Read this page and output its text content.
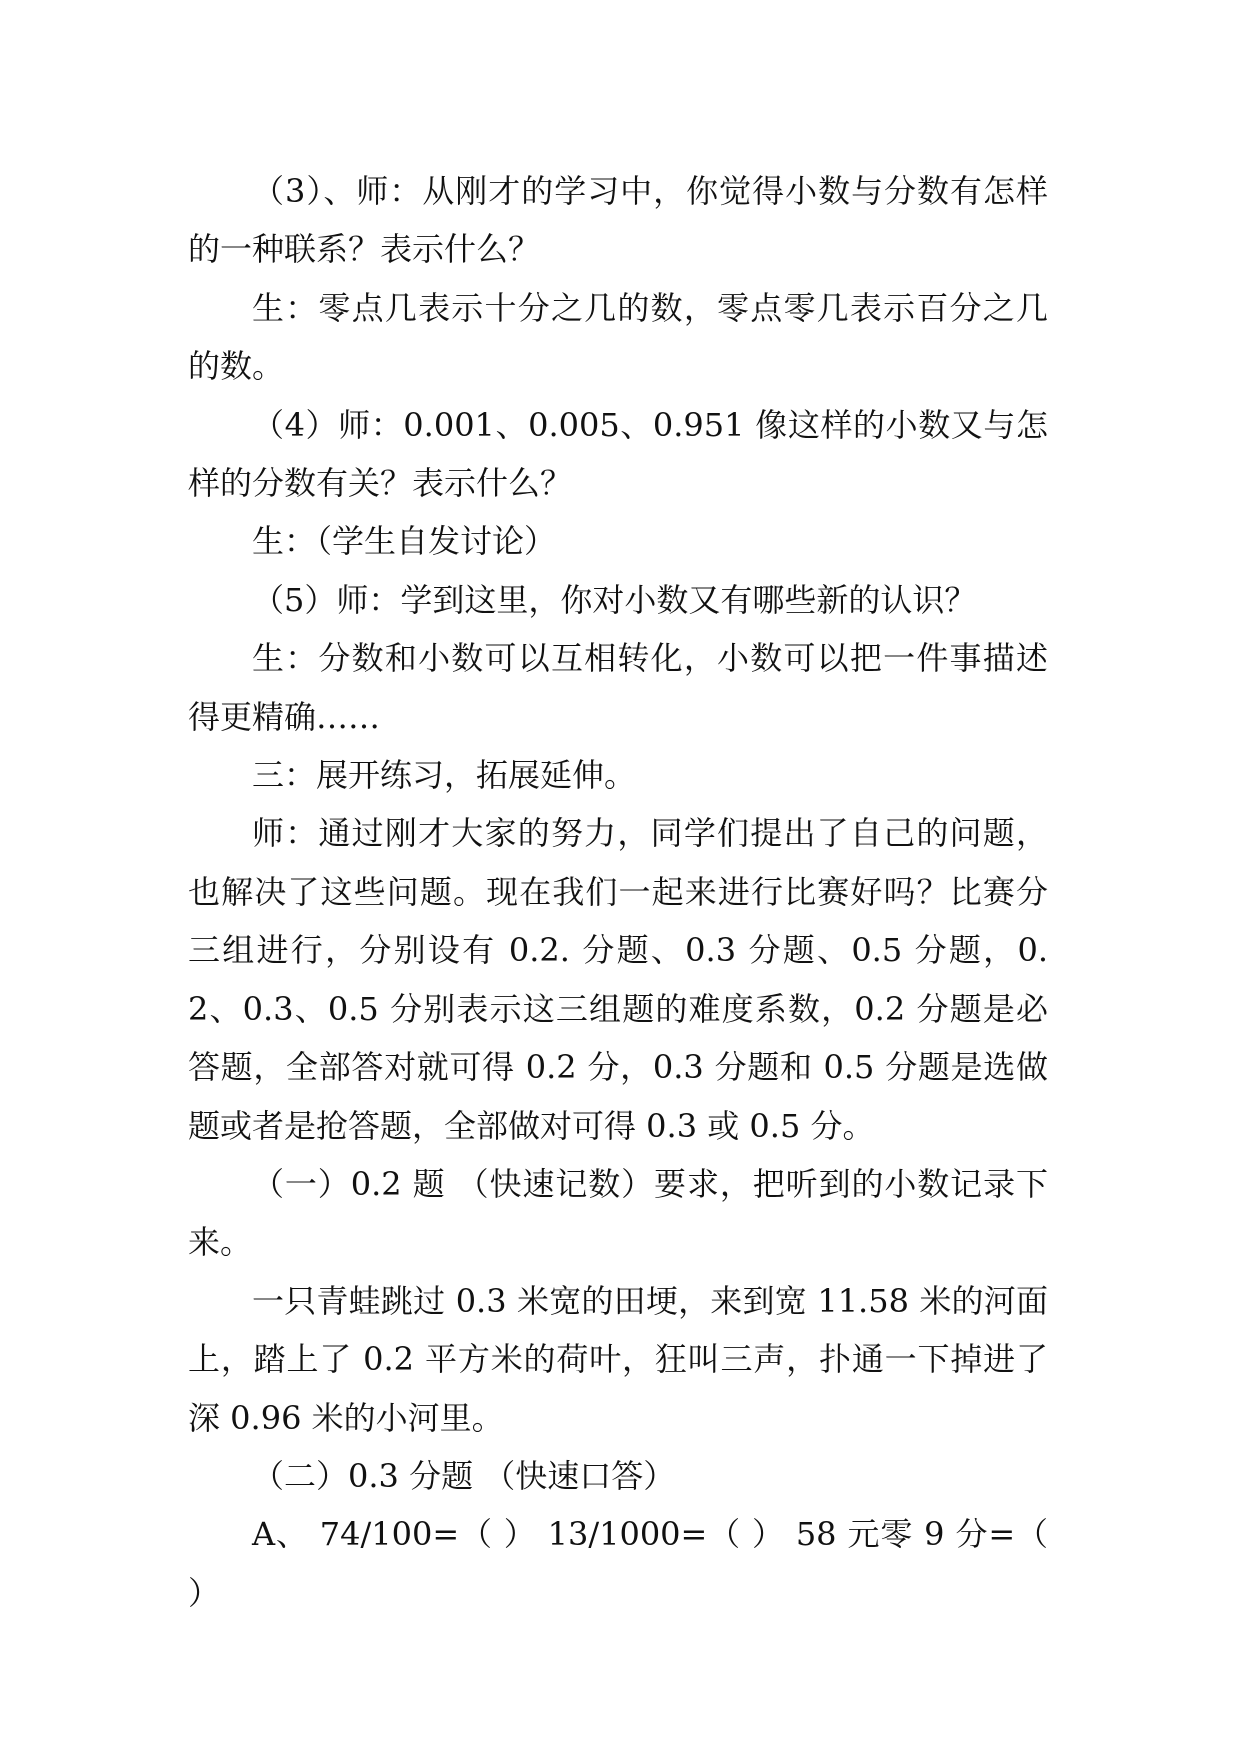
（3）、师：从刚才的学习中，你觉得小数与分数有怎样的一种联系？表示什么？

生：零点几表示十分之几的数，零点零几表示百分之几的数。

（4）师：0.001、0.005、0.951 像这样的小数又与怎样的分数有关？表示什么？

生：（学生自发讨论）

（5）师：学到这里，你对小数又有哪些新的认识？

生：分数和小数可以互相转化，小数可以把一件事描述得更精确……

三：展开练习，拓展延伸。

师：通过刚才大家的努力，同学们提出了自己的问题，也解决了这些问题。现在我们一起来进行比赛好吗？比赛分三组进行，分别设有 0.2. 分题、0.3 分题、0.5 分题，0.2、0.3、0.5 分别表示这三组题的难度系数，0.2 分题是必答题，全部答对就可得 0.2 分，0.3 分题和 0.5 分题是选做题或者是抢答题，全部做对可得 0.3 或 0.5 分。

（一）0.2 题 （快速记数）要求，把听到的小数记录下来。

一只青蛙跳过 0.3 米宽的田埂，来到宽 11.58 米的河面上，踏上了 0.2 平方米的荷叶，狂叫三声，扑通一下掉进了深 0.96 米的小河里。

（二）0.3 分题 （快速口答）

A、 74/100=（ ） 13/1000=（ ） 58 元零 9 分=（ ）
